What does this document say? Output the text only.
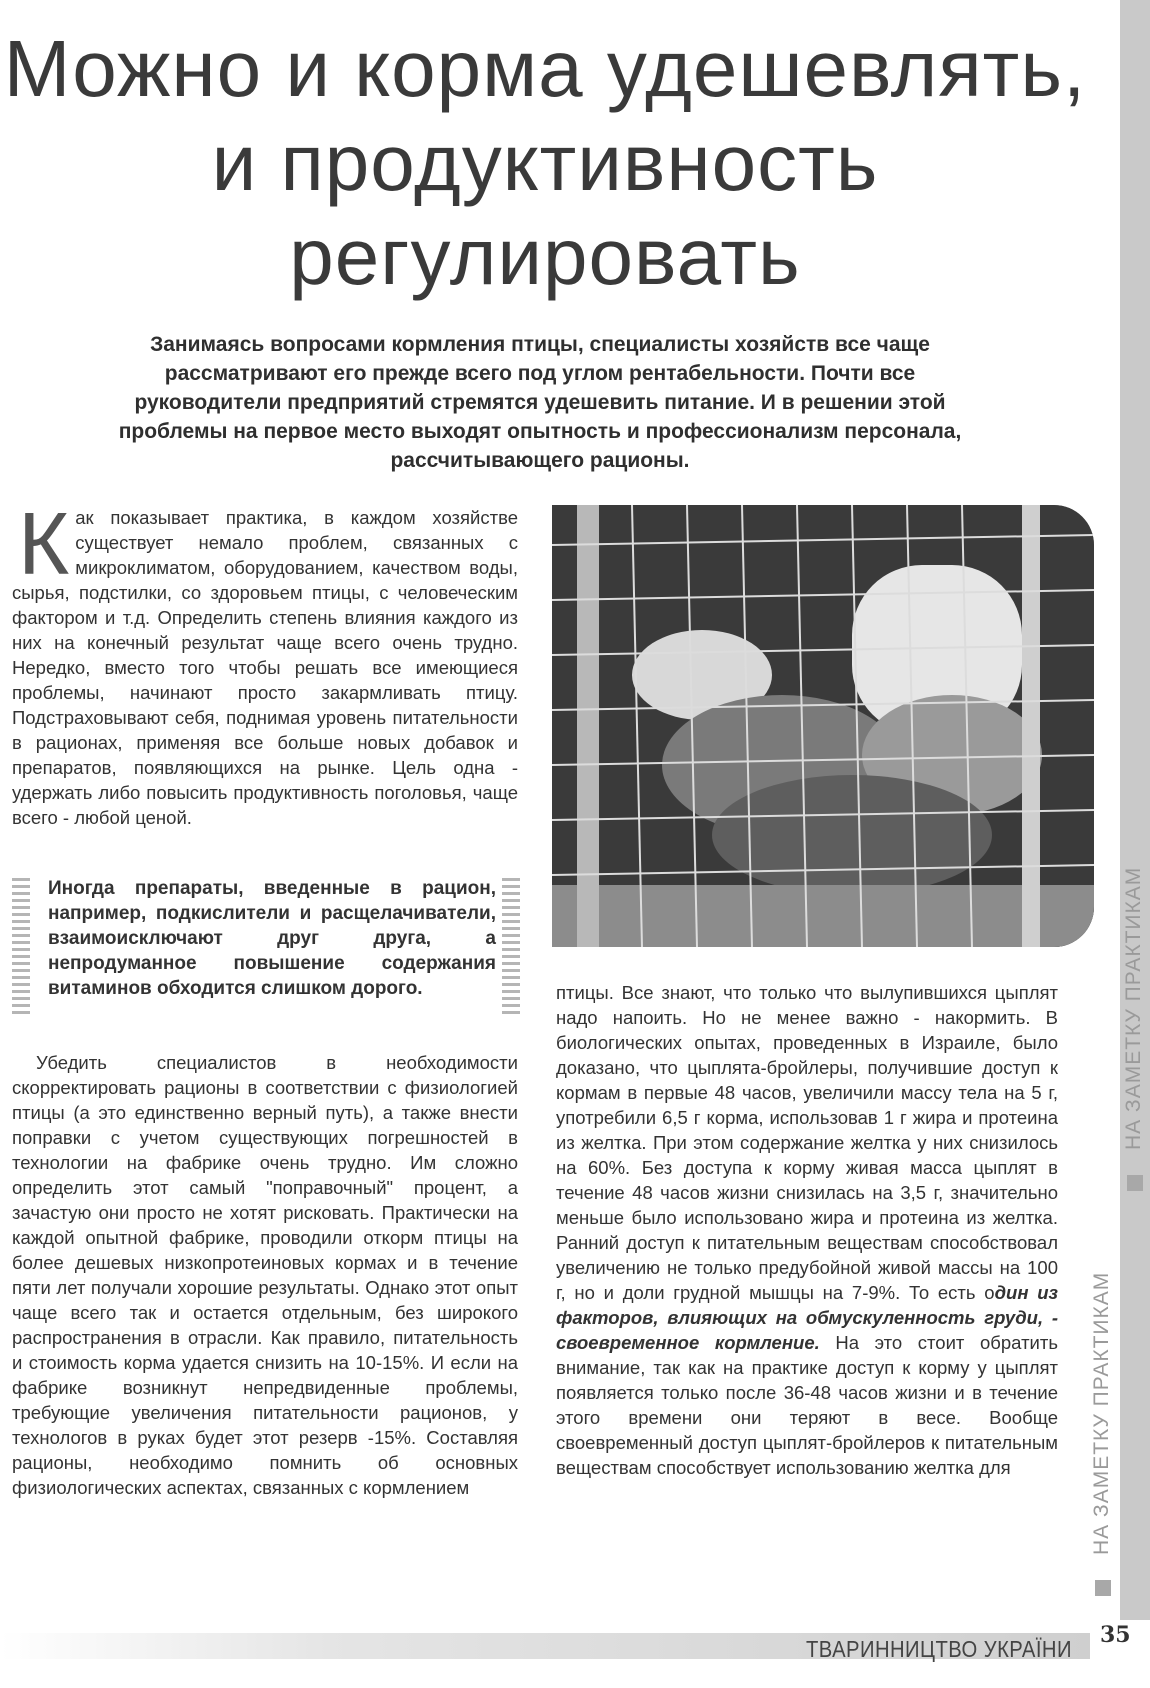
Можно и корма удешевлять,
и продуктивность
регулировать
Занимаясь вопросами кормления птицы, специалисты хозяйств все чаще
рассматривают его прежде всего под углом рентабельности. Почти все
руководители предприятий стремятся удешевить питание. И в решении этой
проблемы на первое место выходят опытность и профессионализм персонала,
рассчитывающего рационы.

Как показывает практика, в каждом хозяйстве существует немало проблем, связанных с микроклиматом, оборудованием, качеством воды, сырья, подстилки, со здоровьем птицы, с человеческим фактором и т.д. Определить степень влияния каждого из них на конечный результат чаще всего очень трудно. Нередко, вместо того чтобы решать все имеющиеся проблемы, начинают просто закармливать птицу. Подстраховывают себя, поднимая уровень питательности в рационах, применяя все больше новых добавок и препаратов, появляющихся на рынке. Цель одна - удержать либо повысить продуктивность поголовья, чаще всего - любой ценой.

Иногда препараты, введенные в рацион, например, подкислители и расщелачиватели, взаимоисключают друг друга, а непродуманное повышение содержания витаминов обходится слишком дорого.

Убедить специалистов в необходимости скорректировать рационы в соответствии с физиологией птицы (а это единственно верный путь), а также внести поправки с учетом существующих погрешностей в технологии на фабрике очень трудно. Им сложно определить этот самый "поправочный" процент, а зачастую они просто не хотят рисковать. Практически на каждой опытной фабрике, проводили откорм птицы на более дешевых низкопротеиновых кормах и в течение пяти лет получали хорошие результаты. Однако этот опыт чаще всего так и остается отдельным, без широкого распространения в отрасли. Как правило, питательность и стоимость корма удается снизить на 10-15%. И если на фабрике возникнут непредвиденные проблемы, требующие увеличения питательности рационов, у технологов в руках будет этот резерв -15%. Составляя рационы, необходимо помнить об основных физиологических аспектах, связанных с кормлением

птицы. Все знают, что только что вылупившихся цыплят надо напоить. Но не менее важно - накормить. В биологических опытах, проведенных в Израиле, было доказано, что цыплята-бройлеры, получившие доступ к кормам в первые 48 часов, увеличили массу тела на 5 г, употребили 6,5 г корма, использовав 1 г жира и протеина из желтка. При этом содержание желтка у них снизилось на 60%. Без доступа к корму живая масса цыплят в течение 48 часов жизни снизилась на 3,5 г, значительно меньше было использовано жира и протеина из желтка. Ранний доступ к питательным веществам способствовал увеличению не только предубойной живой массы на 100 г, но и доли грудной мышцы на 7-9%. То есть один из факторов, влияющих на обмускуленность груди, - своевременное кормление. На это стоит обратить внимание, так как на практике доступ к корму у цыплят появляется только после 36-48 часов жизни и в течение этого времени они теряют в весе. Вообще своевременный доступ цыплят-бройлеров к питательным веществам способствует использованию желтка для

НА ЗАМЕТКУ ПРАКТИКАМ
НА ЗАМЕТКУ ПРАКТИКАМ
ТВАРИННИЦТВО УКРАЇНИ
35
